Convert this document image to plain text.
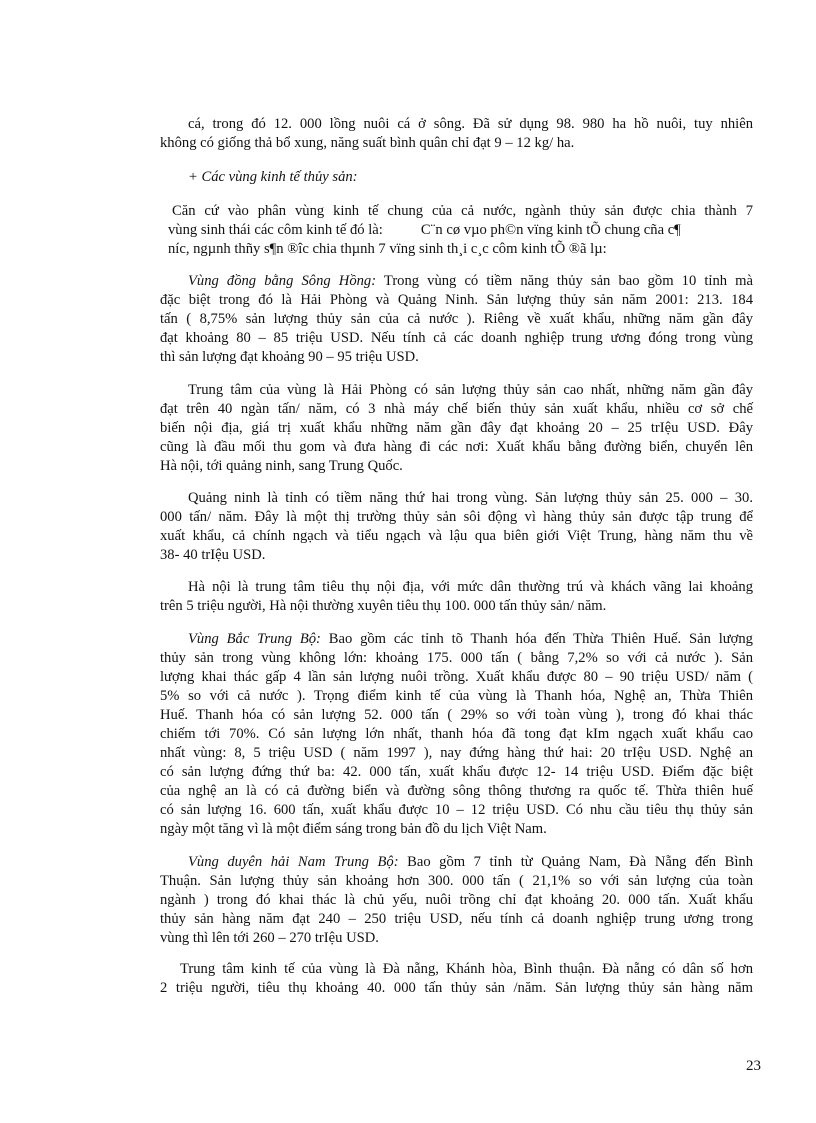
cá, trong đó 12. 000 lồng nuôi cá ở sông. Đã sử dụng 98. 980 ha hồ nuôi, tuy nhiên
không có giống thả bổ xung, năng suất bình quân chỉ đạt 9 – 12 kg/ ha.
+ Các vùng kinh tế thủy sản:
Căn cứ vào phân vùng kinh tế chung của cả nước, ngành thủy sản được chia thành 7
vùng sinh thái các côm kinh tế đó là:	C¨n cø vµo ph©n vïng kinh tÕ chung cña c¶
níc, ngµnh thñy s¶n ®îc chia thµnh 7 vïng sinh th¸i c¸c côm kinh tÕ ®ã lµ:
Vùng đồng bằng Sông Hồng: Trong vùng có tiềm năng thủy sản bao gồm 10 tỉnh mà
đặc biệt trong đó là Hải Phòng và Quảng Ninh. Sản lượng thủy sản năm 2001: 213. 184
tấn ( 8,75% sản lượng thủy sản của cả nước ). Riêng về xuất khẩu, những năm gần đây
đạt khoảng 80 – 85 triệu USD. Nếu tính cả các doanh nghiệp trung ương đóng trong vùng
thì sản lượng đạt khoảng 90 – 95 triệu USD.
Trung tâm của vùng là Hải Phòng có sản lượng thủy sản cao nhất, những năm gần đây
đạt trên 40 ngàn tấn/ năm, có 3 nhà máy chế biến thủy sản xuất khẩu, nhiều cơ sở chế
biến nội địa, giá trị xuất khẩu những năm gần đây đạt khoảng 20 – 25 trIệu USD. Đây
cũng là đầu mối thu gom và đưa hàng đi các nơi: Xuất khẩu bằng đường biển, chuyển lên
Hà nội, tới quảng ninh, sang Trung Quốc.
Quảng ninh là tỉnh có tiềm năng thứ hai trong vùng. Sản lượng thủy sản 25. 000 – 30.
000 tấn/ năm. Đây là một thị trường thủy sản sôi động vì hàng thủy sản được tập trung để
xuất khẩu, cả chính ngạch và tiểu ngạch và lậu qua biên giới Việt Trung, hàng năm thu về
38- 40 trIệu USD.
Hà nội là trung tâm tiêu thụ nội địa, với mức dân thường trú và khách vãng lai khoảng
trên 5 triệu người, Hà nội thường xuyên tiêu thụ 100. 000 tấn thủy sản/ năm.
Vùng Bắc Trung Bộ: Bao gồm các tỉnh tõ Thanh hóa đến Thừa Thiên Huế. Sản lượng
thủy sản trong vùng không lớn: khoảng 175. 000 tấn ( bằng 7,2% so với cả nước ). Sản
lượng khai thác gấp 4 lần sản lượng nuôi trồng. Xuất khẩu được 80 – 90 triệu USD/ năm (
5% so với cả nước ). Trọng điểm kinh tế của vùng là Thanh hóa, Nghệ an, Thừa Thiên
Huế. Thanh hóa có sản lượng 52. 000 tấn ( 29% so với toàn vùng ), trong đó khai thác
chiếm tới 70%. Có sản lượng lớn nhất, thanh hóa đã tong đạt kIm ngạch xuất khẩu cao
nhất vùng: 8, 5 triệu USD ( năm 1997 ), nay đứng hàng thứ hai: 20 trIệu USD. Nghệ an
có sản lượng đứng thứ ba: 42. 000 tấn, xuất khẩu được 12- 14 triệu USD. Điểm đặc biệt
của nghệ an là có cả đường biển và đường sông thông thương ra quốc tế. Thừa thiên huế
có sản lượng 16. 600 tấn, xuất khẩu được 10 – 12 triệu USD. Có nhu cầu tiêu thụ thủy sản
ngày một tăng vì là một điểm sáng trong bản đồ du lịch Việt Nam.
Vùng duyên hải Nam Trung Bộ: Bao gồm 7 tỉnh từ Quảng Nam, Đà Nẵng đến Bình
Thuận. Sản lượng thủy sản khoảng hơn 300. 000 tấn ( 21,1% so với sản lượng của toàn
ngành ) trong đó khai thác là chủ yếu, nuôi trồng chỉ đạt khoảng 20. 000 tấn. Xuất khẩu
thủy sản hàng năm đạt 240 – 250 triệu USD, nếu tính cả doanh nghiệp trung ương trong
vùng thì lên tới 260 – 270 trIệu USD.
Trung tâm kinh tế của vùng là Đà nẵng, Khánh hòa, Bình thuận. Đà nẵng có dân số hơn
2 triệu người, tiêu thụ khoảng 40. 000 tấn thủy sản /năm. Sản lượng thủy sản hàng năm
23
